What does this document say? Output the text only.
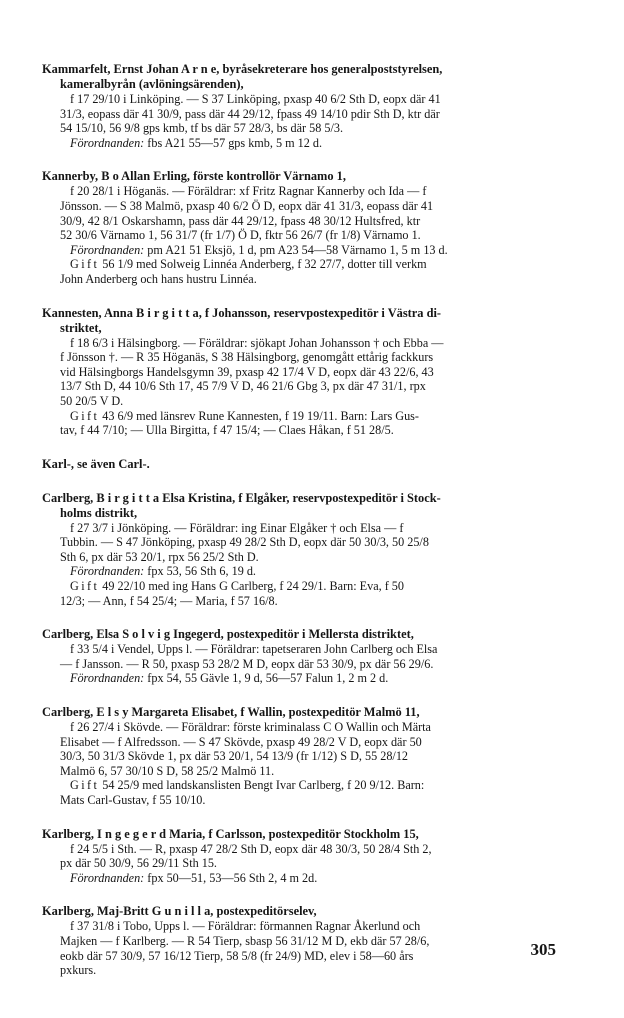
Kammarfelt, Ernst Johan A r n e, byråsekreterare hos generalpoststyrelsen,
kameralbyrån (avlöningsärenden),

f 17 29/10 i Linköping. — S 37 Linköping, pxasp 40 6/2 Sth D, eopx där 41
31/3, eopass där 41 30/9, pass där 44 29/12, fpass 49 14/10 pdir Sth D, ktr där
54 15/10, 56 9/8 gps kmb, tf bs där 57 28/3, bs där 58 5/3.
Förordnanden: fbs A21 55—57 gps kmb, 5 m 12 d.

Kannerby, B o Allan Erling, förste kontrollör Värnamo 1,

f 20 28/1 i Höganäs. — Föräldrar: xf Fritz Ragnar Kannerby och Ida — f
Jönsson. — S 38 Malmö, pxasp 40 6/2 Ö D, eopx där 41 31/3, eopass där 41
30/9, 42 8/1 Oskarshamn, pass där 44 29/12, fpass 48 30/12 Hultsfred, ktr
52 30/6 Värnamo 1, 56 31/7 (fr 1/7) Ö D, fktr 56 26/7 (fr 1/8) Värnamo 1.
Förordnanden: pm A21 51 Eksjö, 1 d, pm A23 54—58 Värnamo 1, 5 m 13 d.
Gift 56 1/9 med Solweig Linnéa Anderberg, f 32 27/7, dotter till verkm
John Anderberg och hans hustru Linnéa.

Kannesten, Anna B i r g i t t a, f Johansson, reservpostexpeditör i Västra di-
striktet,

f 18 6/3 i Hälsingborg. — Föräldrar: sjökapt Johan Johansson † och Ebba —
f Jönsson †. — R 35 Höganäs, S 38 Hälsingborg, genomgått ettårig fackkurs
vid Hälsingborgs Handelsgymn 39, pxasp 42 17/4 V D, eopx där 43 22/6, 43
13/7 Sth D, 44 10/6 Sth 17, 45 7/9 V D, 46 21/6 Gbg 3, px där 47 31/1, rpx
50 20/5 V D.
Gift 43 6/9 med länsrev Rune Kannesten, f 19 19/11. Barn: Lars Gus-
tav, f 44 7/10; — Ulla Birgitta, f 47 15/4; — Claes Håkan, f 51 28/5.

Karl-, se även Carl-.

Carlberg, B i r g i t t a Elsa Kristina, f Elgåker, reservpostexpeditör i Stock-
holms distrikt,

f 27 3/7 i Jönköping. — Föräldrar: ing Einar Elgåker † och Elsa — f
Tubbin. — S 47 Jönköping, pxasp 49 28/2 Sth D, eopx där 50 30/3, 50 25/8
Sth 6, px där 53 20/1, rpx 56 25/2 Sth D.
Förordnanden: fpx 53, 56 Sth 6, 19 d.
Gift 49 22/10 med ing Hans G Carlberg, f 24 29/1. Barn: Eva, f 50
12/3; — Ann, f 54 25/4; — Maria, f 57 16/8.

Carlberg, Elsa S o l v i g Ingegerd, postexpeditör i Mellersta distriktet,

f 33 5/4 i Vendel, Upps l. — Föräldrar: tapetseraren John Carlberg och Elsa
— f Jansson. — R 50, pxasp 53 28/2 M D, eopx där 53 30/9, px där 56 29/6.
Förordnanden: fpx 54, 55 Gävle 1, 9 d, 56—57 Falun 1, 2 m 2 d.

Carlberg, E l s y Margareta Elisabet, f Wallin, postexpeditör Malmö 11,

f 26 27/4 i Skövde. — Föräldrar: förste kriminalass C O Wallin och Märta
Elisabet — f Alfredsson. — S 47 Skövde, pxasp 49 28/2 V D, eopx där 50
30/3, 50 31/3 Skövde 1, px där 53 20/1, 54 13/9 (fr 1/12) S D, 55 28/12
Malmö 6, 57 30/10 S D, 58 25/2 Malmö 11.
Gift 54 25/9 med landskanslisten Bengt Ivar Carlberg, f 20 9/12. Barn:
Mats Carl-Gustav, f 55 10/10.

Karlberg, I n g e g e r d Maria, f Carlsson, postexpeditör Stockholm 15,

f 24 5/5 i Sth. — R, pxasp 47 28/2 Sth D, eopx där 48 30/3, 50 28/4 Sth 2,
px där 50 30/9, 56 29/11 Sth 15.
Förordnanden: fpx 50—51, 53—56 Sth 2, 4 m 2d.

Karlberg, Maj-Britt G u n i l l a, postexpeditörselev,

f 37 31/8 i Tobo, Upps l. — Föräldrar: förmannen Ragnar Åkerlund och
Majken — f Karlberg. — R 54 Tierp, sbasp 56 31/12 M D, ekb där 57 28/6,
eokb där 57 30/9, 57 16/12 Tierp, 58 5/8 (fr 24/9) MD, elev i 58—60 års
pxkurs.
305
